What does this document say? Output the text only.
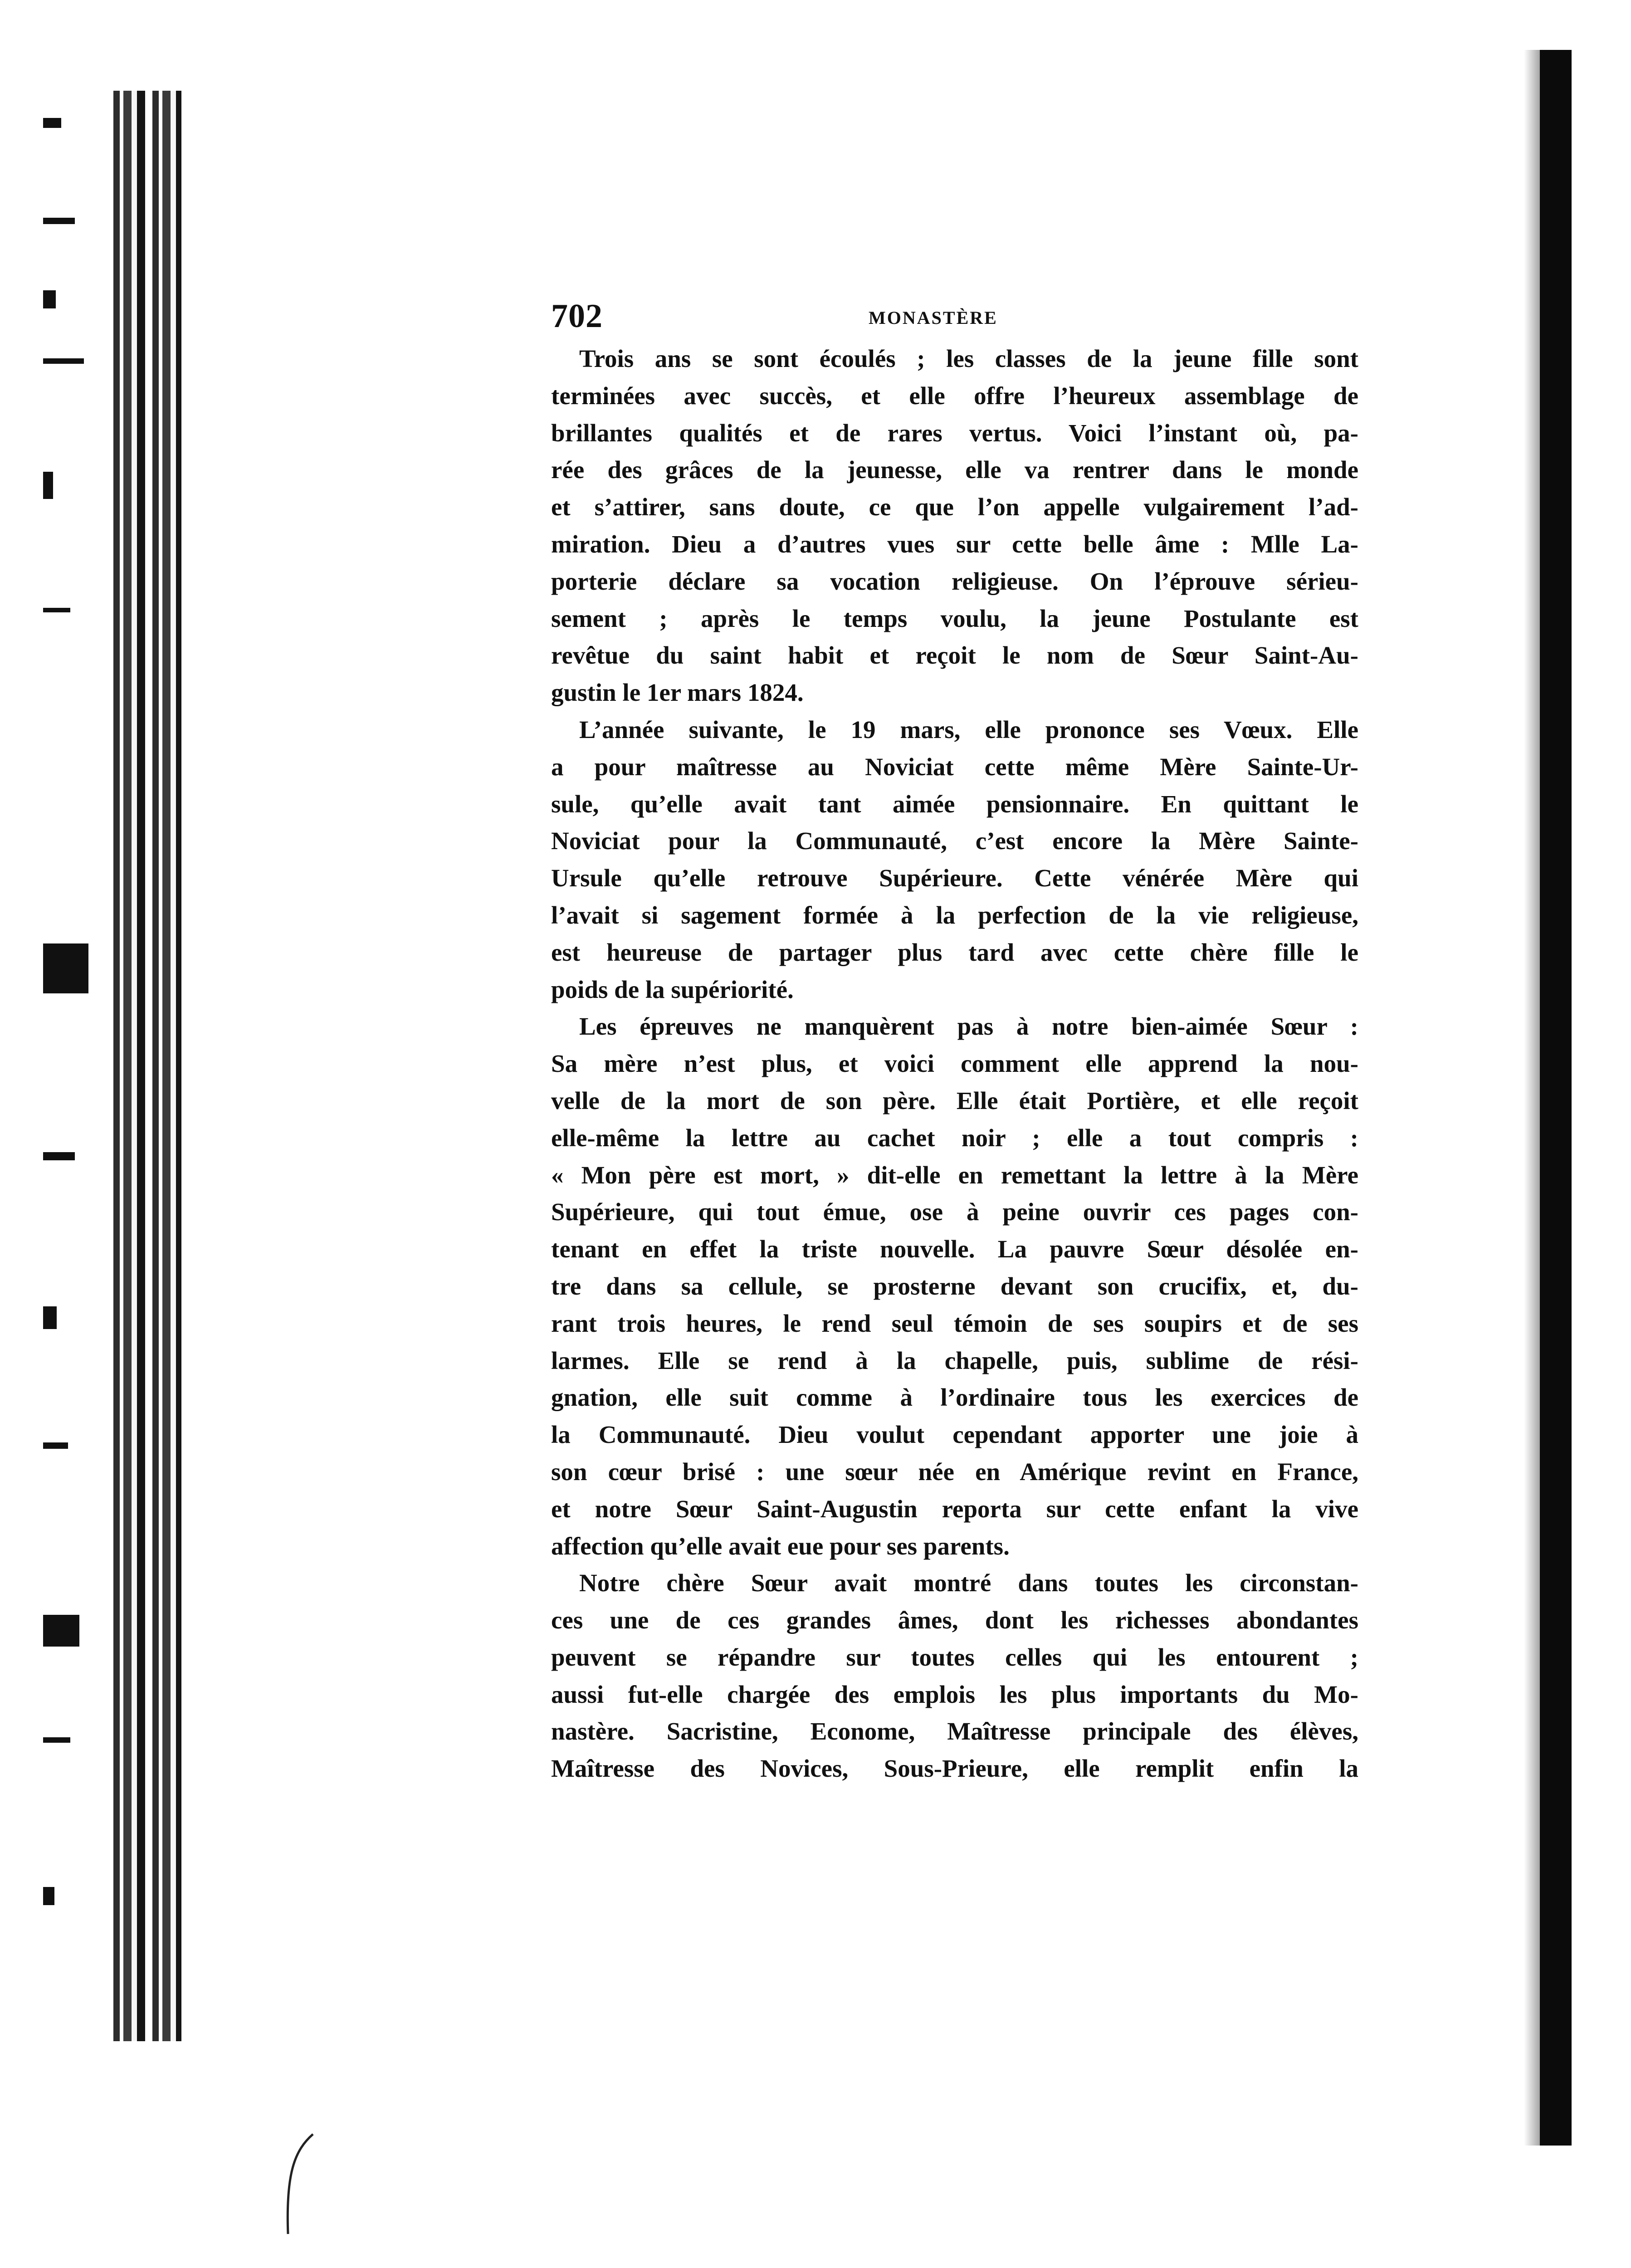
702	MONASTÈRE
Trois ans se sont écoulés ; les classes de la jeune fille sont
terminées avec succès, et elle offre l’heureux assemblage de
brillantes qualités et de rares vertus. Voici l’instant où, pa-
rée des grâces de la jeunesse, elle va rentrer dans le monde
et s’attirer, sans doute, ce que l’on appelle vulgairement l’ad-
miration. Dieu a d’autres vues sur cette belle âme : Mlle La-
porterie déclare sa vocation religieuse. On l’éprouve sérieu-
sement ; après le temps voulu, la jeune Postulante est
revêtue du saint habit et reçoit le nom de Sœur Saint-Au-
gustin le 1er mars 1824.
L’année suivante, le 19 mars, elle prononce ses Vœux. Elle
a pour maîtresse au Noviciat cette même Mère Sainte-Ur-
sule, qu’elle avait tant aimée pensionnaire. En quittant le
Noviciat pour la Communauté, c’est encore la Mère Sainte-
Ursule qu’elle retrouve Supérieure. Cette vénérée Mère qui
l’avait si sagement formée à la perfection de la vie religieuse,
est heureuse de partager plus tard avec cette chère fille le
poids de la supériorité.
Les épreuves ne manquèrent pas à notre bien-aimée Sœur :
Sa mère n’est plus, et voici comment elle apprend la nou-
velle de la mort de son père. Elle était Portière, et elle reçoit
elle-même la lettre au cachet noir ; elle a tout compris :
« Mon père est mort, » dit-elle en remettant la lettre à la Mère
Supérieure, qui tout émue, ose à peine ouvrir ces pages con-
tenant en effet la triste nouvelle. La pauvre Sœur désolée en-
tre dans sa cellule, se prosterne devant son crucifix, et, du-
rant trois heures, le rend seul témoin de ses soupirs et de ses
larmes. Elle se rend à la chapelle, puis, sublime de rési-
gnation, elle suit comme à l’ordinaire tous les exercices de
la Communauté. Dieu voulut cependant apporter une joie à
son cœur brisé : une sœur née en Amérique revint en France,
et notre Sœur Saint-Augustin reporta sur cette enfant la vive
affection qu’elle avait eue pour ses parents.
Notre chère Sœur avait montré dans toutes les circonstan-
ces une de ces grandes âmes, dont les richesses abondantes
peuvent se répandre sur toutes celles qui les entourent ;
aussi fut-elle chargée des emplois les plus importants du Mo-
nastère. Sacristine, Econome, Maîtresse principale des élèves,
Maîtresse des Novices, Sous-Prieure, elle remplit enfin la
